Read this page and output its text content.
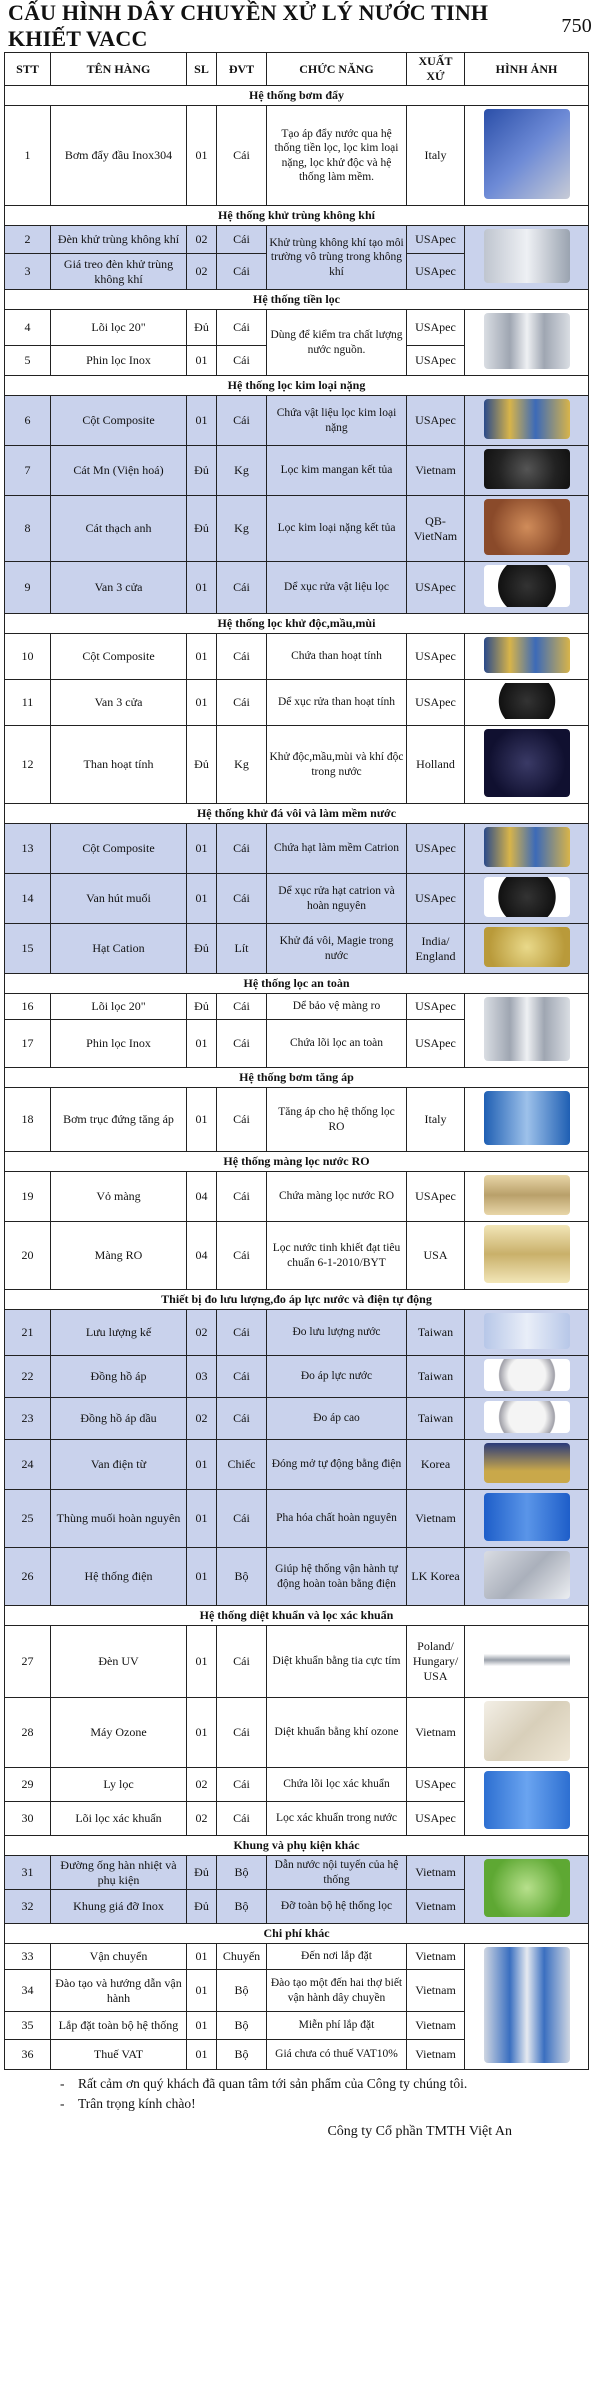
CẤU HÌNH DÂY CHUYỀN XỬ LÝ NƯỚC TINH KHIẾT VACC
750
STT	TÊN HÀNG	SL	ĐVT	CHỨC NĂNG	XUẤT XỨ	HÌNH ẢNH
Hệ thống bơm đẩy						
1	Bơm đẩy đầu Inox304	01	Cái	Tạo áp đẩy nước qua hệ thống tiền lọc, lọc kim loại nặng, lọc khử độc và hệ thống làm mềm.	Italy	
Hệ thống khử trùng không khí						
2	Đèn khử trùng không khí	02	Cái	Khử trùng không khí tạo môi trường vô trùng trong không khí	USApec	
3	Giá treo đèn khử trùng không khí	02	Cái		USApec	
Hệ thống tiền lọc						
4	Lõi lọc 20"	Đủ	Cái	Dùng để kiểm tra chất lượng nước nguồn.	USApec	
5	Phin lọc Inox	01	Cái		USApec	
Hệ thống lọc kim loại nặng						
6	Cột Composite	01	Cái	Chứa vật liệu lọc kim loại nặng	USApec	
7	Cát Mn (Viện hoá)	Đủ	Kg	Lọc kim mangan kết tủa	Vietnam	
8	Cát thạch anh	Đủ	Kg	Lọc kim loại nặng kết tủa	QB-VietNam	
9	Van 3 cửa	01	Cái	Dể xục rửa vật liệu lọc	USApec	
Hệ thống lọc khử độc,mầu,mùi						
10	Cột Composite	01	Cái	Chứa than hoạt tính	USApec	
11	Van 3 cửa	01	Cái	Dể xục rửa than hoạt tính	USApec	
12	Than hoạt tính	Đủ	Kg	Khử độc,mầu,mùi và khí độc trong nước	Holland	
Hệ thống khử đá vôi và làm mềm nước						
13	Cột Composite	01	Cái	Chứa hạt làm mềm Catrion	USApec	
14	Van hút muối	01	Cái	Dể xục rửa hạt catrion và hoàn nguyên	USApec	
15	Hạt Cation	Đủ	Lít	Khử đá vôi, Magie trong nước	India/ England	
Hệ thống lọc an toàn						
16	Lõi lọc 20"	Đủ	Cái	Dể bảo vệ màng ro	USApec	
17	Phin lọc Inox	01	Cái	Chứa lõi lọc an toàn	USApec	
Hệ thống bơm tăng áp						
18	Bơm trục đứng tăng áp	01	Cái	Tăng áp cho hệ thống lọc RO	Italy	
Hệ thống màng lọc nước RO						
19	Vỏ màng	04	Cái	Chứa màng lọc nước RO	USApec	
20	Màng RO	04	Cái	Lọc nước tinh khiết đạt tiêu chuẩn 6-1-2010/BYT	USA	
Thiết bị đo lưu lượng,đo áp lực nước và điện tự động						
21	Lưu lượng kế	02	Cái	Đo lưu lượng nước	Taiwan	
22	Đồng hồ áp	03	Cái	Đo áp lực nước	Taiwan	
23	Đồng hồ áp dầu	02	Cái	Đo áp cao	Taiwan	
24	Van điện từ	01	Chiếc	Đóng mở tự động bằng điện	Korea	
25	Thùng muối hoàn nguyên	01	Cái	Pha hóa chất hoàn nguyên	Vietnam	
26	Hệ thống điện	01	Bộ	Giúp hệ thống vận hành tự động hoàn toàn bằng điện	LK Korea	
Hệ thống diệt khuẩn và lọc xác khuẩn						
27	Đèn UV	01	Cái	Diệt khuẩn bằng tia cực tím	Poland/ Hungary/ USA	
28	Máy Ozone	01	Cái	Diệt khuẩn bằng khí ozone	Vietnam	
29	Ly lọc	02	Cái	Chứa lõi lọc xác khuẩn	USApec	
30	Lõi lọc xác khuẩn	02	Cái	Lọc xác khuẩn trong nước	USApec	
Khung và phụ kiện khác						
31	Đường ống hàn nhiệt và phụ kiện	Đủ	Bộ	Dẫn nước nội tuyến của hệ thống	Vietnam	
32	Khung giá đỡ Inox	Đủ	Bộ	Đỡ toàn bộ hệ thống lọc	Vietnam	
Chi phí khác						
33	Vận chuyển	01	Chuyến	Đến nơi lắp đặt	Vietnam	
34	Đào tạo và hướng dẫn vận hành	01	Bộ	Đào tạo một đến hai thợ biết vận hành dây chuyền	Vietnam	
35	Lắp đặt toàn bộ hệ thống	01	Bộ	Miễn phí lắp đặt	Vietnam	
36	Thuế VAT	01	Bộ	Giá chưa có thuế VAT10%	Vietnam	
-	Rất cảm ơn quý khách đã quan tâm tới sản phẩm của Công ty chúng tôi.
-	Trân trọng kính chào!
Công ty Cổ phần TMTH Việt An
